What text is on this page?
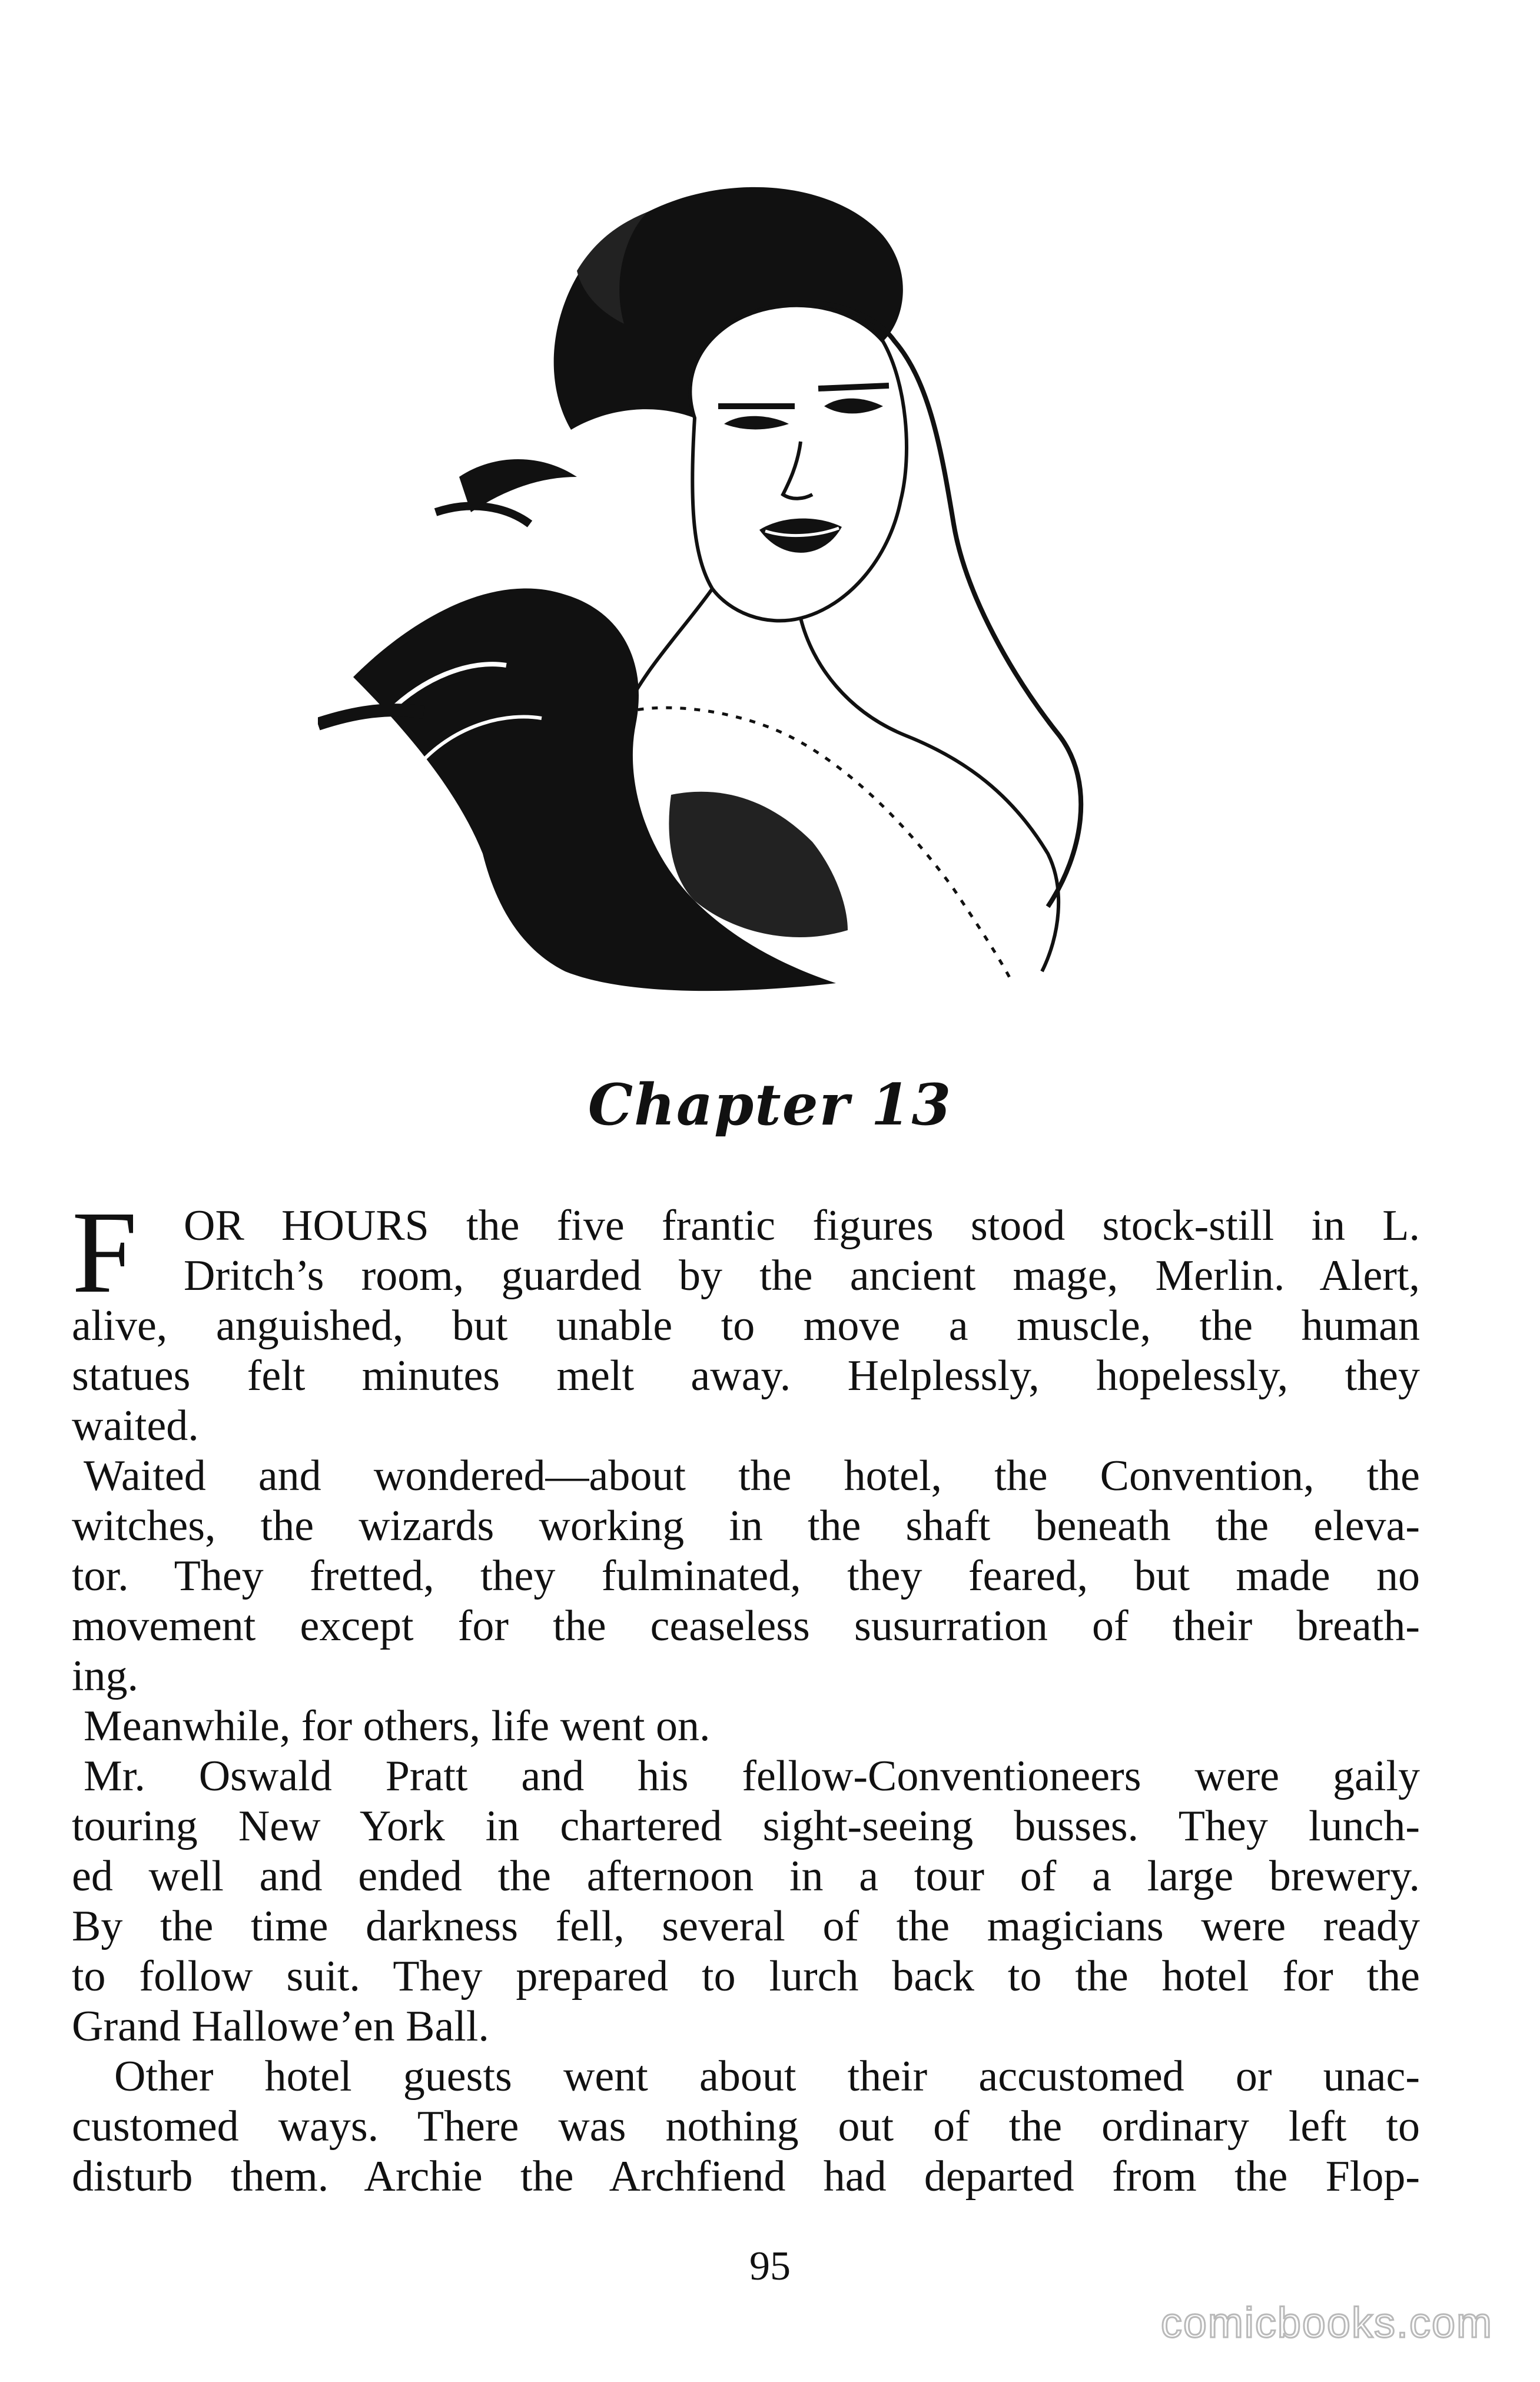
Chapter 13
F	OR HOURS the five frantic figures stood stock-still in L.
Dritch’s room, guarded by the ancient mage, Merlin. Alert,
alive, anguished, but unable to move a muscle, the human
statues felt minutes melt away. Helplessly, hopelessly, they
waited.
Waited and wondered—about the hotel, the Convention, the
witches, the wizards working in the shaft beneath the eleva-
tor. They fretted, they fulminated, they feared, but made no
movement except for the ceaseless susurration of their breath-
ing.
Meanwhile, for others, life went on.
Mr. Oswald Pratt and his fellow-Conventioneers were gaily
touring New York in chartered sight-seeing busses. They lunch-
ed well and ended the afternoon in a tour of a large brewery.
By the time darkness fell, several of the magicians were ready
to follow suit. They prepared to lurch back to the hotel for the
Grand Hallowe’en Ball.
Other hotel guests went about their accustomed or unac-
customed ways. There was nothing out of the ordinary left to
disturb them. Archie the Archfiend had departed from the Flop-
95
comicbooks.com
